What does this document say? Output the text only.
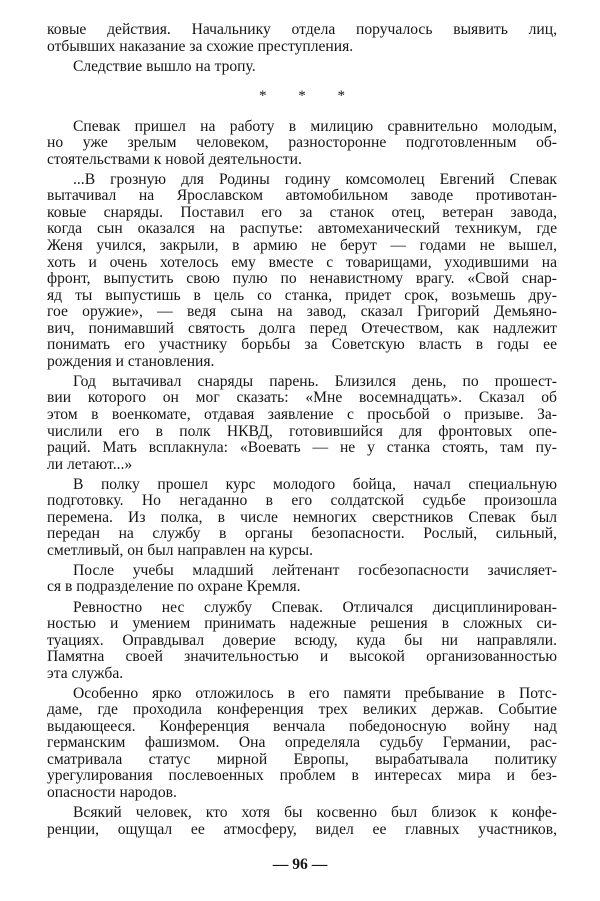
ковые действия. Начальнику отдела поручалось выявить лиц,
отбывших наказание за схожие преступления.
Следствие вышло на тропу.
* * *
Спевак пришел на работу в милицию сравнительно молодым,
но уже зрелым человеком, разносторонне подготовленным об-
стоятельствами к новой деятельности.
...В грозную для Родины годину комсомолец Евгений Спевак
вытачивал на Ярославском автомобильном заводе противотан-
ковые снаряды. Поставил его за станок отец, ветеран завода,
когда сын оказался на распутье: автомеханический техникум, где
Женя учился, закрыли, в армию не берут — годами не вышел,
хоть и очень хотелось ему вместе с товарищами, уходившими на
фронт, выпустить свою пулю по ненавистному врагу. «Свой снар-
яд ты выпустишь в цель со станка, придет срок, возьмешь дру-
гое оружие», — ведя сына на завод, сказал Григорий Демьяно-
вич, понимавший святость долга перед Отечеством, как надлежит
понимать его участнику борьбы за Советскую власть в годы ее
рождения и становления.
Год вытачивал снаряды парень. Близился день, по прошест-
вии которого он мог сказать: «Мне восемнадцать». Сказал об
этом в военкомате, отдавая заявление с просьбой о призыве. За-
числили его в полк НКВД, готовившийся для фронтовых опе-
раций. Мать всплакнула: «Воевать — не у станка стоять, там пу-
ли летают...»
В полку прошел курс молодого бойца, начал специальную
подготовку. Но негаданно в его солдатской судьбе произошла
перемена. Из полка, в числе немногих сверстников Спевак был
передан на службу в органы безопасности. Рослый, сильный,
сметливый, он был направлен на курсы.
После учебы младший лейтенант госбезопасности зачисляет-
ся в подразделение по охране Кремля.
Ревностно нес службу Спевак. Отличался дисциплинирован-
ностью и умением принимать надежные решения в сложных си-
туациях. Оправдывал доверие всюду, куда бы ни направляли.
Памятна своей значительностью и высокой организованностью
эта служба.
Особенно ярко отложилось в его памяти пребывание в Потс-
даме, где проходила конференция трех великих держав. Событие
выдающееся. Конференция венчала победоносную войну над
германским фашизмом. Она определяла судьбу Германии, рас-
сматривала статус мирной Европы, вырабатывала политику
урегулирования послевоенных проблем в интересах мира и без-
опасности народов.
Всякий человек, кто хотя бы косвенно был близок к конфе-
ренции, ощущал ее атмосферу, видел ее главных участников,
— 96 —
